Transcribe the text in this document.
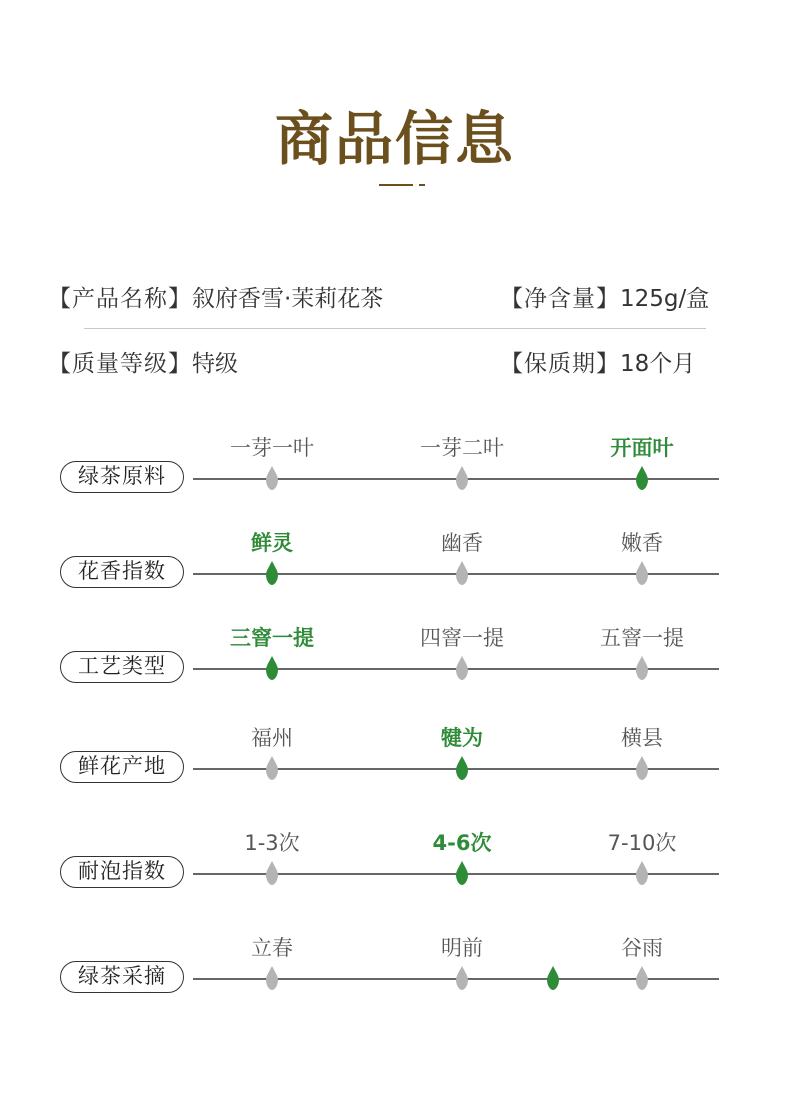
商品信息
【产品名称】叙府香雪·茉莉花茶	【净含量】125g/盒
【质量等级】特级	【保质期】18个月
绿茶原料
一芽一叶	一芽二叶	开面叶
花香指数
鲜灵	幽香	嫩香
工艺类型
三窨一提	四窨一提	五窨一提
鲜花产地
福州	犍为	横县
耐泡指数
1-3次	4-6次	7-10次
绿茶采摘
立春	明前	谷雨
